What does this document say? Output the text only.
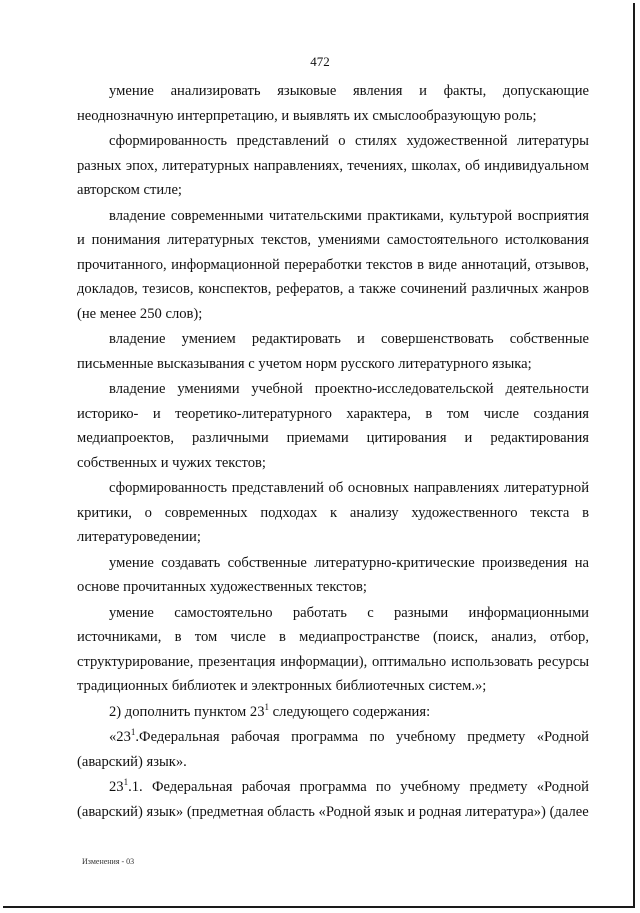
472

умение анализировать языковые явления и факты, допускающие неоднозначную интерпретацию, и выявлять их смыслообразующую роль;

сформированность представлений о стилях художественной литературы разных эпох, литературных направлениях, течениях, школах, об индивидуальном авторском стиле;

владение современными читательскими практиками, культурой восприятия и понимания литературных текстов, умениями самостоятельного истолкования прочитанного, информационной переработки текстов в виде аннотаций, отзывов, докладов, тезисов, конспектов, рефератов, а также сочинений различных жанров (не менее 250 слов);

владение умением редактировать и совершенствовать собственные письменные высказывания с учетом норм русского литературного языка;

владение умениями учебной проектно-исследовательской деятельности историко- и теоретико-литературного характера, в том числе создания медиапроектов, различными приемами цитирования и редактирования собственных и чужих текстов;

сформированность представлений об основных направлениях литературной критики, о современных подходах к анализу художественного текста в литературоведении;

умение создавать собственные литературно-критические произведения на основе прочитанных художественных текстов;

умение самостоятельно работать с разными информационными источниками, в том числе в медиапространстве (поиск, анализ, отбор, структурирование, презентация информации), оптимально использовать ресурсы традиционных библиотек и электронных библиотечных систем.»;

2) дополнить пунктом $23^1$ следующего содержания:

«$23^1.Федеральная$ рабочая программа по учебному предмету «Родной (аварский) язык».

$23^1.1$. Федеральная рабочая программа по учебному предмету «Родной (аварский) язык» (предметная область «Родной язык и родная литература») (далее

Изменения - 03
